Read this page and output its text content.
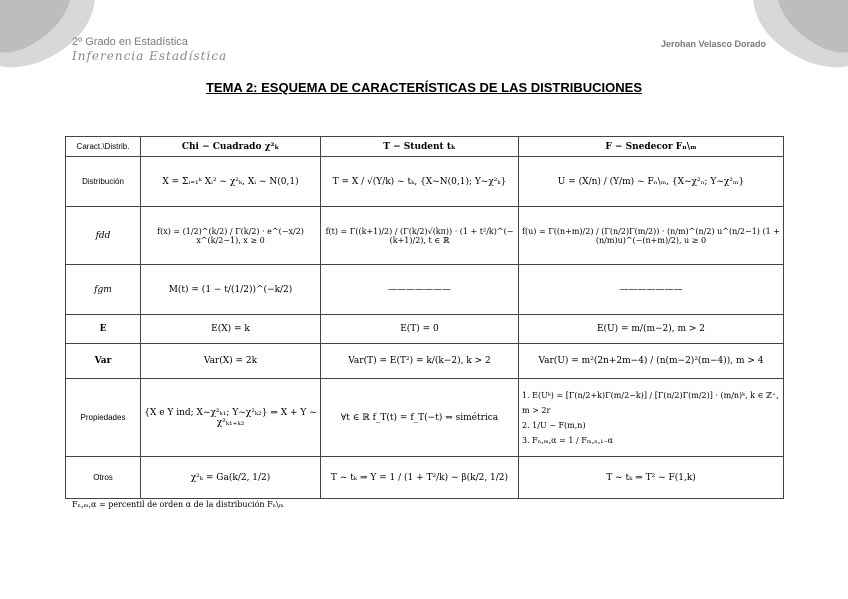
2º Grado en Estadística
Inferencia Estadística
Jerohan Velasco Dorado
TEMA 2: ESQUEMA DE CARACTERÍSTICAS DE LAS DISTRIBUCIONES
Caract.\Distrib.	Chi − Cuadrado χ²ₖ	T − Student tₖ	F − Snedecor Fₙ\ₘ
Distribución	X = Σᵢ₌₁ᵏ Xᵢ² ~ χ²ₖ, Xᵢ ~ N(0,1)	T = X / √(Y/k) ~ tₖ, {X~N(0,1); Y~χ²ₖ}	U = (X/n) / (Y/m) ~ Fₙ\ₘ, {X~χ²ₙ; Y~χ²ₘ}
fdd	f(x) = (1/2)^(k/2) / Γ(k/2) · e^(−x/2) x^(k/2−1), x ≥ 0	f(t) = Γ((k+1)/2) / (Γ(k/2)√(kπ)) · (1 + t²/k)^(−(k+1)/2), t ∈ ℝ	f(u) = Γ((n+m)/2) / (Γ(n/2)Γ(m/2)) · (n/m)^(n/2) u^(n/2−1) (1 + (n/m)u)^(−(n+m)/2), u ≥ 0
fgm	M(t) = (1 − t/(1/2))^(−k/2)	———————	———————
E	E(X) = k	E(T) = 0	E(U) = m/(m−2), m > 2
Var	Var(X) = 2k	Var(T) = E(T²) = k/(k−2), k > 2	Var(U) = m²(2n+2m−4) / (n(m−2)²(m−4)), m > 4
Propiedades	{X e Y ind; X~χ²ₖ₁; Y~χ²ₖ₂} ⇒ X + Y ~ χ²ₖ₁₊ₖ₂	∀t ∈ ℝ f_T(t) = f_T(−t) ⇒ simétrica	1. E(Uᵏ) = [Γ(n/2+k)Γ(m/2−k)] / [Γ(n/2)Γ(m/2)] · (m/n)ᵏ, k ∈ ℤ⁺, m > 2r
2. 1/U ~ F(m,n)
3. Fₙ,ₘ,α = 1 / Fₘ,ₙ,₁₋α

Otros	χ²ₖ = Ga(k/2, 1/2)	T ~ tₖ ⇒ Y = 1 / (1 + T²/k) ~ β(k/2, 1/2)	T ~ tₖ ⇒ T² ~ F(1,k)
Fₙ,ₘ,α = percentil de orden α de la distribución Fₙ\ₘ
